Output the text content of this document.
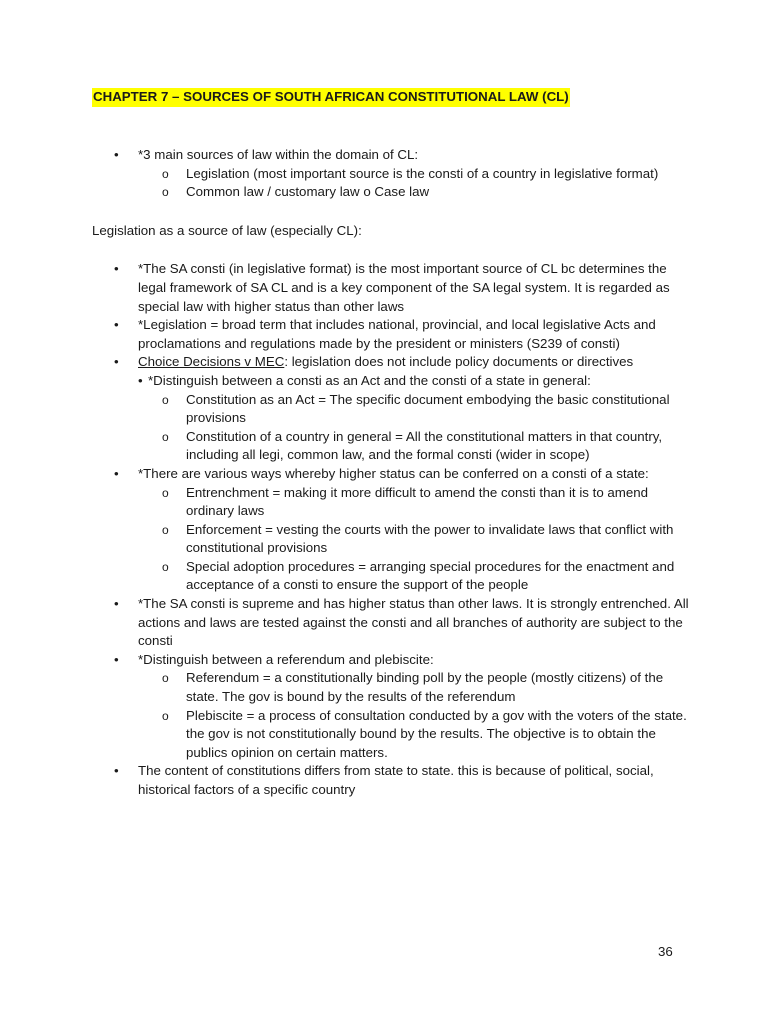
CHAPTER 7 – SOURCES OF SOUTH AFRICAN CONSTITUTIONAL LAW (CL)
• *3 main sources of law within the domain of CL:
o Legislation (most important source is the consti of a country in legislative format)
o Common law / customary law o Case law

Legislation as a source of law (especially CL):

• *The SA consti (in legislative format) is the most important source of CL bc determines the legal framework of SA CL and is a key component of the SA legal system. It is regarded as special law with higher status than other laws
• *Legislation = broad term that includes national, provincial, and local legislative Acts and proclamations and regulations made by the president or ministers (S239 of consti)
• Choice Decisions v MEC: legislation does not include policy documents or directives
• *Distinguish between a consti as an Act and the consti of a state in general:
o Constitution as an Act = The specific document embodying the basic constitutional provisions
o Constitution of a country in general = All the constitutional matters in that country, including all legi, common law, and the formal consti (wider in scope)
• *There are various ways whereby higher status can be conferred on a consti of a state:
o Entrenchment = making it more difficult to amend the consti than it is to amend ordinary laws
o Enforcement = vesting the courts with the power to invalidate laws that conflict with constitutional provisions
o Special adoption procedures = arranging special procedures for the enactment and acceptance of a consti to ensure the support of the people
• *The SA consti is supreme and has higher status than other laws. It is strongly entrenched. All actions and laws are tested against the consti and all branches of authority are subject to the consti
• *Distinguish between a referendum and plebiscite:
o Referendum = a constitutionally binding poll by the people (mostly citizens) of the state. The gov is bound by the results of the referendum
o Plebiscite = a process of consultation conducted by a gov with the voters of the state. the gov is not constitutionally bound by the results. The objective is to obtain the publics opinion on certain matters.
• The content of constitutions differs from state to state. this is because of political, social, historical factors of a specific country
36
